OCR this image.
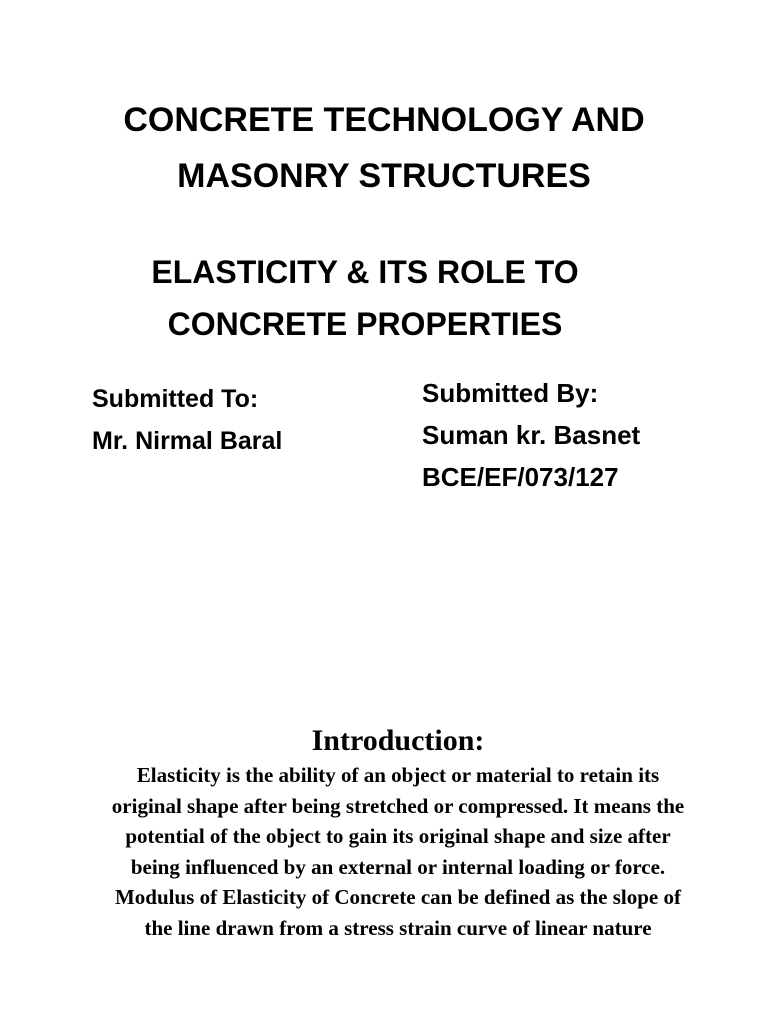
CONCRETE TECHNOLOGY AND
MASONRY STRUCTURES
ELASTICITY & ITS ROLE TO
CONCRETE PROPERTIES
Submitted To:
Mr. Nirmal Baral
Submitted By:
Suman kr. Basnet
BCE/EF/073/127
Introduction:
Elasticity is the ability of an object or material to retain its
original shape after being stretched or compressed. It means the
potential of the object to gain its original shape and size after
being influenced by an external or internal loading or force.
Modulus of Elasticity of Concrete can be defined as the slope of
the line drawn from a stress strain curve of linear nature
